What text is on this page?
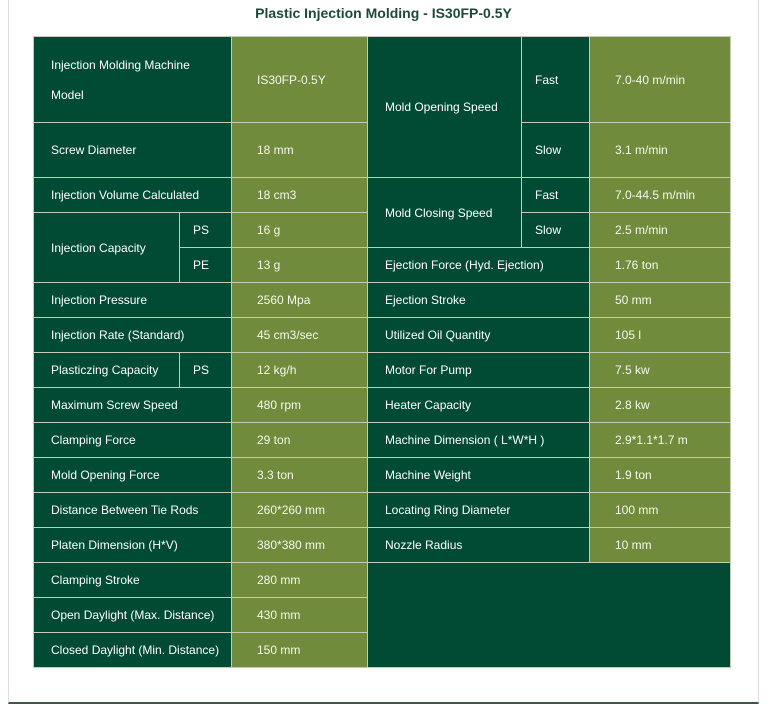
Plastic Injection Molding - IS30FP-0.5Y
Injection Molding Machine
Model		IS30FP-0.5Y	Mold Opening Speed	Fast	7.0-40 m/min
Screw Diameter		18 mm		Slow	3.1 m/min
Injection Volume Calculated		18 cm3	Mold Closing Speed	Fast	7.0-44.5 m/min
Injection Capacity	PS	16 g		Slow	2.5 m/min
	PE	13 g	Ejection Force (Hyd. Ejection)		1.76 ton
Injection Pressure		2560 Mpa	Ejection Stroke		50 mm
Injection Rate (Standard)		45 cm3/sec	Utilized Oil Quantity		105 l
Plasticzing Capacity	PS	12 kg/h	Motor For Pump		7.5 kw
Maximum Screw Speed		480 rpm	Heater Capacity		2.8 kw
Clamping Force		29 ton	Machine Dimension ( L*W*H )		2.9*1.1*1.7 m
Mold Opening Force		3.3 ton	Machine Weight		1.9 ton
Distance Between Tie Rods		260*260 mm	Locating Ring Diameter		100 mm
Platen Dimension (H*V)		380*380 mm	Nozzle Radius		10 mm
Clamping Stroke		280 mm			
Open Daylight (Max. Distance)		430 mm			
Closed Daylight (Min. Distance)		150 mm			
